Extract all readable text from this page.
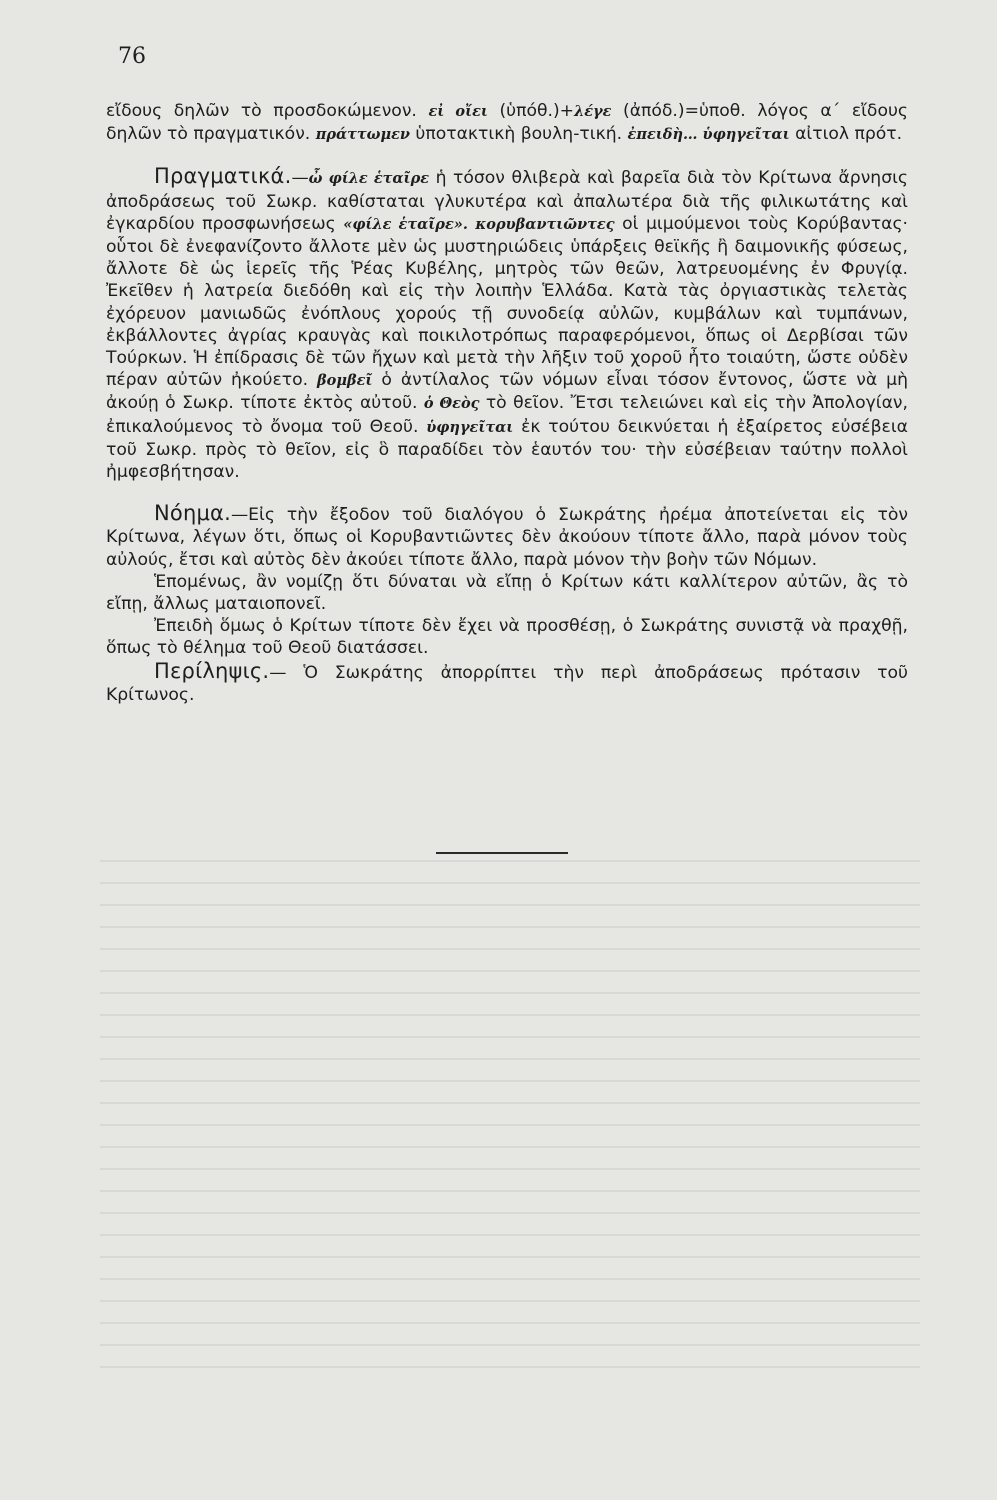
76

εἴδους δηλῶν τὸ προσδοκώμενον. εἰ οἴει (ὑπόθ.)+λέγε (ἀπόδ.)=ὑποθ. λόγος α΄ εἴδους δηλῶν τὸ πραγματικόν. πράττωμεν ὑποτακτικὴ βουλη-τική. ἐπειδὴ… ὑφηγεῖται αἰτιολ πρότ.

Πραγματικά.—ὦ φίλε ἑταῖρε ἡ τόσον θλιβερὰ καὶ βαρεῖα διὰ τὸν Κρίτωνα ἄρνησις ἀποδράσεως τοῦ Σωκρ. καθίσταται γλυκυτέρα καὶ ἀπαλωτέρα διὰ τῆς φιλικωτάτης καὶ ἐγκαρδίου προσφωνήσεως «φίλε ἑταῖρε». κορυβαντιῶντες οἱ μιμούμενοι τοὺς Κορύβαντας· οὗτοι δὲ ἐνεφανίζοντο ἄλλοτε μὲν ὡς μυστηριώδεις ὑπάρξεις θεϊκῆς ἢ δαιμονικῆς φύσεως, ἄλλοτε δὲ ὡς ἱερεῖς τῆς Ῥέας Κυβέλης, μητρὸς τῶν θεῶν, λατρευομένης ἐν Φρυγίᾳ. Ἐκεῖθεν ἡ λατρεία διεδόθη καὶ εἰς τὴν λοιπὴν Ἑλλάδα. Κατὰ τὰς ὀργιαστικὰς τελετὰς ἐχόρευον μανιωδῶς ἐνόπλους χορούς τῇ συνοδείᾳ αὐλῶν, κυμβάλων καὶ τυμπάνων, ἐκβάλλοντες ἀγρίας κραυγὰς καὶ ποικιλοτρόπως παραφερόμενοι, ὅπως οἱ Δερβίσαι τῶν Τούρκων. Ἡ ἐπίδρασις δὲ τῶν ἤχων καὶ μετὰ τὴν λῆξιν τοῦ χοροῦ ἦτο τοιαύτη, ὥστε οὐδὲν πέραν αὐτῶν ἠκούετο. βομβεῖ ὁ ἀντίλαλος τῶν νόμων εἶναι τόσον ἔντονος, ὥστε νὰ μὴ ἀκούῃ ὁ Σωκρ. τίποτε ἐκτὸς αὐτοῦ. ὁ Θεὸς τὸ θεῖον. Ἔτσι τελειώνει καὶ εἰς τὴν Ἀπολογίαν, ἐπικαλούμενος τὸ ὄνομα τοῦ Θεοῦ. ὑφηγεῖται ἐκ τούτου δεικνύεται ἡ ἐξαίρετος εὐσέβεια τοῦ Σωκρ. πρὸς τὸ θεῖον, εἰς ὃ παραδίδει τὸν ἑαυτόν του· τὴν εὐσέβειαν ταύτην πολλοὶ ἠμφεσβήτησαν.

Νόημα.—Εἰς τὴν ἔξοδον τοῦ διαλόγου ὁ Σωκράτης ἠρέμα ἀποτείνεται εἰς τὸν Κρίτωνα, λέγων ὅτι, ὅπως οἱ Κορυβαντιῶντες δὲν ἀκούουν τίποτε ἄλλο, παρὰ μόνον τοὺς αὐλούς, ἔτσι καὶ αὐτὸς δὲν ἀκούει τίποτε ἄλλο, παρὰ μόνον τὴν βοὴν τῶν Νόμων.

Ἑπομένως, ἂν νομίζῃ ὅτι δύναται νὰ εἴπῃ ὁ Κρίτων κάτι καλλίτερον αὐτῶν, ἂς τὸ εἴπῃ, ἄλλως ματαιοπονεῖ.

Ἐπειδὴ ὅμως ὁ Κρίτων τίποτε δὲν ἔχει νὰ προσθέσῃ, ὁ Σωκράτης συνιστᾷ νὰ πραχθῇ, ὅπως τὸ θέλημα τοῦ Θεοῦ διατάσσει.

Περίληψις.— Ὁ Σωκράτης ἀπορρίπτει τὴν περὶ ἀποδράσεως πρότασιν τοῦ Κρίτωνος.
